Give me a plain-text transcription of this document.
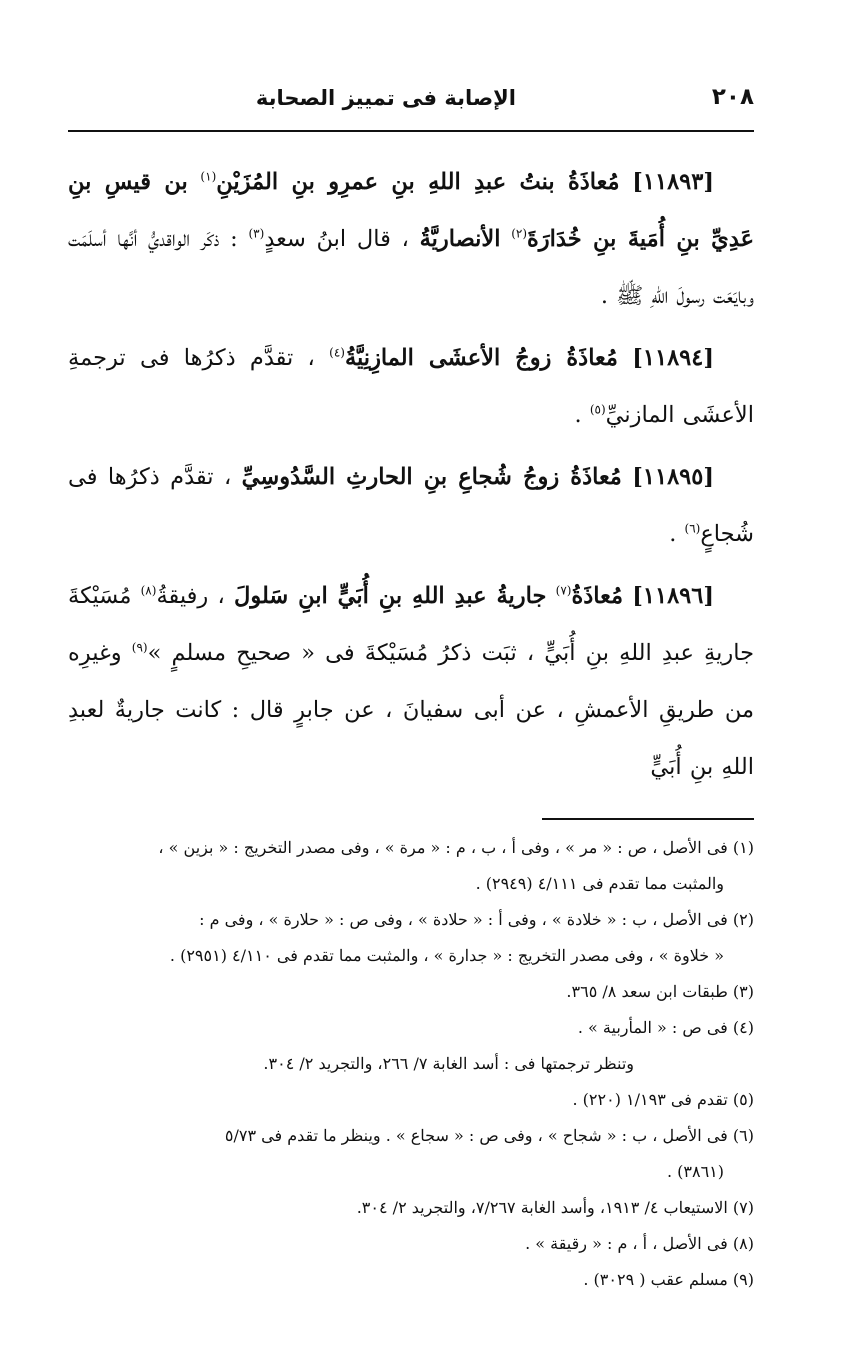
٢٠٨
الإصابة فى تمييز الصحابة

[١١٨٩٣] مُعاذَةُ بنتُ عبدِ اللهِ بنِ عمرِو بنِ المُزَيْنِ$^{(١)}$ بن قيسِ بنِ عَدِيِّ بنِ أُمَيةَ بنِ خُدَارَةَ$^{(٢)}$ الأنصاريَّةُ ، قال ابنُ سعدٍ$^{(٣)}$ : ذكَر الواقديُّ أنَّها أسلَمَت وبايَعَت رسولَ اللهِ ﷺ .

[١١٨٩٤] مُعاذَةُ زوجُ الأعشَى المازِنِيَّةُ$^{(٤)}$ ، تقدَّم ذكرُها فى ترجمةِ الأعشَى المازنيِّ$^{(٥)}$ .

[١١٨٩٥] مُعاذَةُ زوجُ شُجاعِ بنِ الحارثِ السَّدُوسِيِّ ، تقدَّم ذكرُها فى شُجاعٍ$^{(٦)}$ .

[١١٨٩٦] مُعاذَةُ$^{(٧)}$ جاريةُ عبدِ اللهِ بنِ أُبَيٍّ ابنِ سَلولَ ، رفيقةُ$^{(٨)}$ مُسَيْكةَ جاريةِ عبدِ اللهِ بنِ أُبَيٍّ ، ثبَت ذكرُ مُسَيْكةَ فى « صحيحِ مسلمٍ »$^{(٩)}$ وغيرِه من طريقِ الأعمشِ ، عن أبى سفيانَ ، عن جابرٍ قال : كانت جاريةٌ لعبدِ اللهِ بنِ أُبَيٍّ

(١) فى الأصل ، ص : « مر » ، وفى أ ، ب ، م : « مرة » ، وفى مصدر التخريج : « بزين » ،
والمثبت مما تقدم فى ٤/١١١ (٢٩٤٩) .
(٢) فى الأصل ، ب : « خلادة » ، وفى أ : « حلادة » ، وفى ص : « حلارة » ، وفى م :
« خلاوة » ، وفى مصدر التخريج : « جدارة » ، والمثبت مما تقدم فى ٤/١١٠ (٢٩٥١) .
(٣) طبقات ابن سعد ٨/ ٣٦٥.
(٤) فى ص : « المأربية » .
وتنظر ترجمتها فى : أسد الغابة ٧/ ٢٦٦، والتجريد ٢/ ٣٠٤.
(٥) تقدم فى ١/١٩٣ (٢٢٠) .
(٦) فى الأصل ، ب : « شجاح » ، وفى ص : « سجاع » . وينظر ما تقدم فى ٥/٧٣
(٣٨٦١) .
(٧) الاستيعاب ٤/ ١٩١٣، وأسد الغابة ٧/٢٦٧، والتجريد ٢/ ٣٠٤.
(٨) فى الأصل ، أ ، م : « رقيقة » .
(٩) مسلم عقب ( ٣٠٢٩) .
